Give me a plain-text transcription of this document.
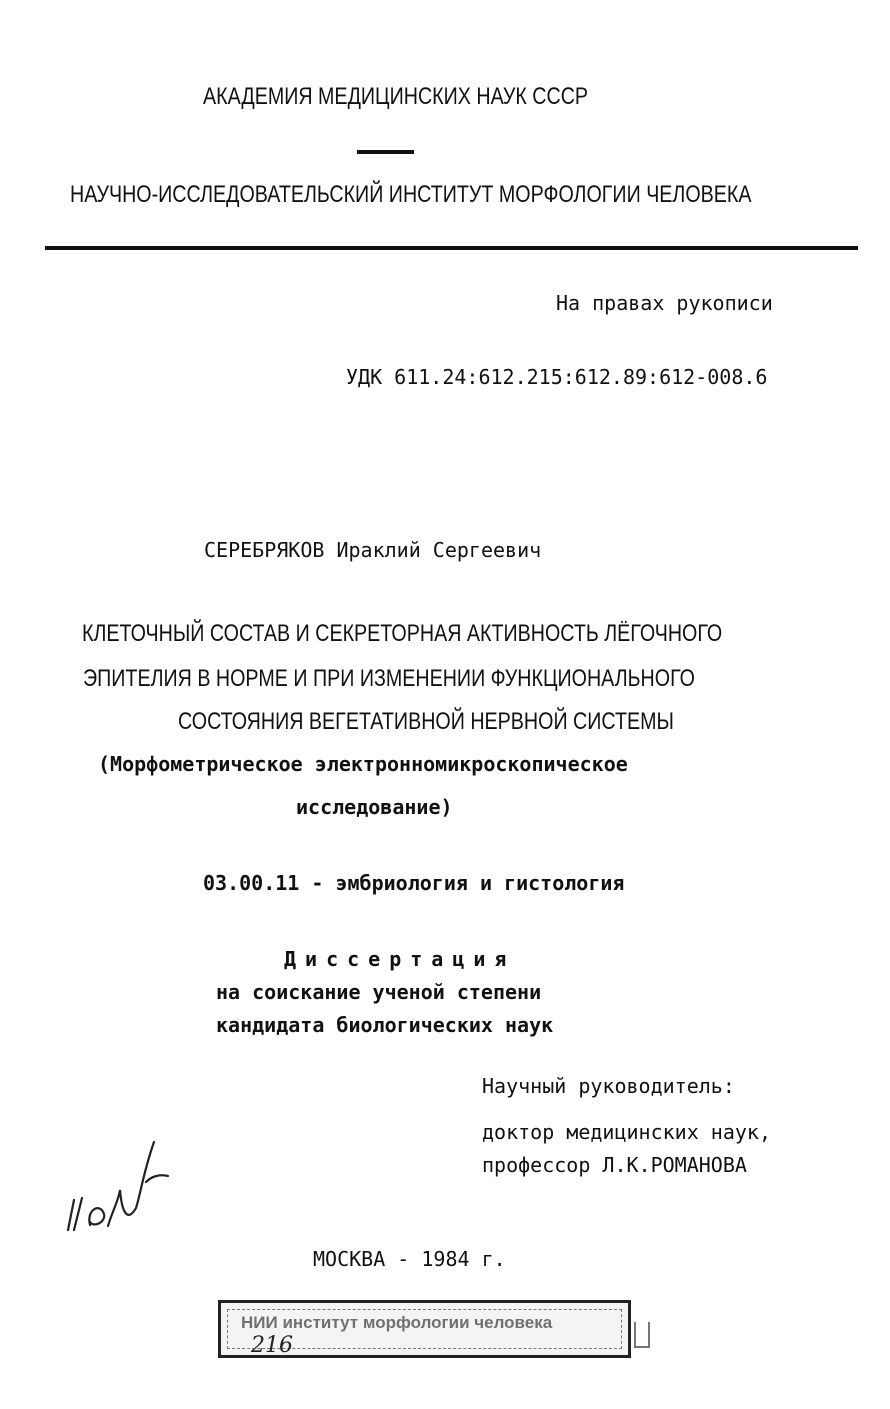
АКАДЕМИЯ МЕДИЦИНСКИХ НАУК СССР
НАУЧНО-ИССЛЕДОВАТЕЛЬСКИЙ ИНСТИТУТ МОРФОЛОГИИ ЧЕЛОВЕКА
На правах рукописи
УДК 611.24:612.215:612.89:612-008.6
СЕРЕБРЯКОВ Ираклий Сергеевич
КЛЕТОЧНЫЙ СОСТАВ И СЕКРЕТОРНАЯ АКТИВНОСТЬ ЛЁГОЧНОГО
ЭПИТЕЛИЯ В НОРМЕ И ПРИ ИЗМЕНЕНИИ ФУНКЦИОНАЛЬНОГО
СОСТОЯНИЯ ВЕГЕТАТИВНОЙ НЕРВНОЙ СИСТЕМЫ
(Морфометрическое электронномикроскопическое
исследование)
03.00.11 - эмбриология и гистология
Диссертация
на соискание ученой степени
кандидата биологических наук
Научный руководитель:
доктор медицинских наук,
профессор Л.К.РОМАНОВА
МОСКВА - 1984 г.
НИИ институт морфологии человека
216
